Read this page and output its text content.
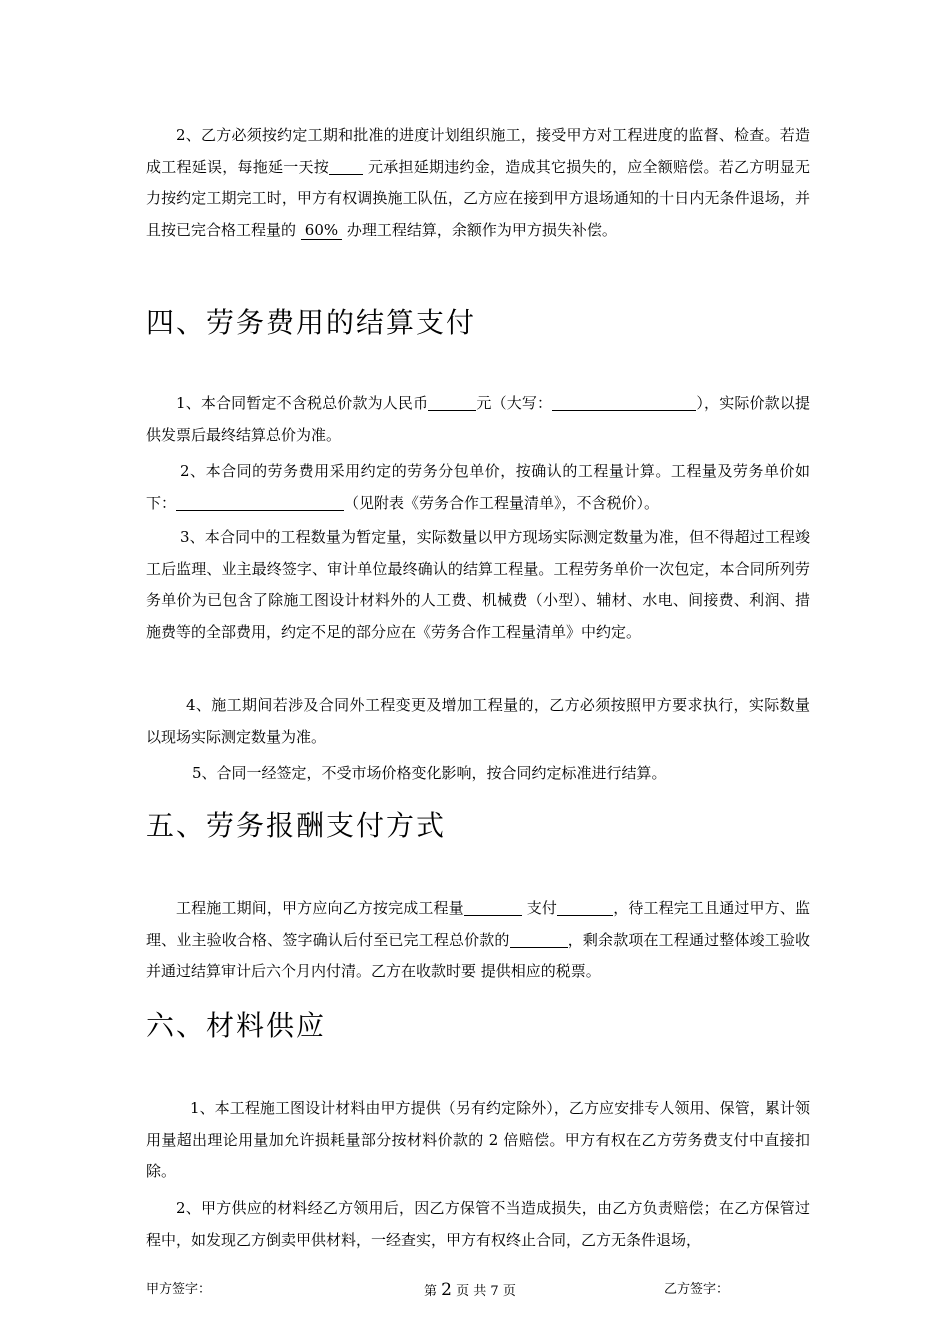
2、乙方必须按约定工期和批准的进度计划组织施工，接受甲方对工程进度的监督、检查。若造成工程延误，每拖延一天按 元承担延期违约金，造成其它损失的，应全额赔偿。若乙方明显无力按约定工期完工时，甲方有权调换施工队伍，乙方应在接到甲方退场通知的十日内无条件退场，并且按已完合格工程量的 60% 办理工程结算，余额作为甲方损失补偿。

四、劳务费用的结算支付

1、本合同暂定不含税总价款为人民币	元（大写：	），实际价款以提供发票后最终结算总价为准。

2、本合同的劳务费用采用约定的劳务分包单价，按确认的工程量计算。工程量及劳务单价如下：	（见附表《劳务合作工程量清单》，不含税价）。

3、本合同中的工程数量为暂定量，实际数量以甲方现场实际测定数量为准，但不得超过工程竣工后监理、业主最终签字、审计单位最终确认的结算工程量。工程劳务单价一次包定，本合同所列劳务单价为已包含了除施工图设计材料外的人工费、机械费（小型）、辅材、水电、间接费、利润、措施费等的全部费用，约定不足的部分应在《劳务合作工程量清单》中约定。

4、施工期间若涉及合同外工程变更及增加工程量的，乙方必须按照甲方要求执行，实际数量以现场实际测定数量为准。

5、合同一经签定，不受市场价格变化影响，按合同约定标准进行结算。

五、劳务报酬支付方式

工程施工期间，甲方应向乙方按完成工程量	支付	，待工程完工且通过甲方、监理、业主验收合格、签字确认后付至已完工程总价款的	，剩余款项在工程通过整体竣工验收并通过结算审计后六个月内付清。乙方在收款时要 提供相应的税票。

六、材料供应

1、本工程施工图设计材料由甲方提供（另有约定除外），乙方应安排专人领用、保管，累计领用量超出理论用量加允许损耗量部分按材料价款的 2 倍赔偿。甲方有权在乙方劳务费支付中直接扣除。

2、甲方供应的材料经乙方领用后，因乙方保管不当造成损失，由乙方负责赔偿；在乙方保管过程中，如发现乙方倒卖甲供材料，一经查实，甲方有权终止合同，乙方无条件退场，

甲方签字：	第 2 页 共 7 页	乙方签字：
